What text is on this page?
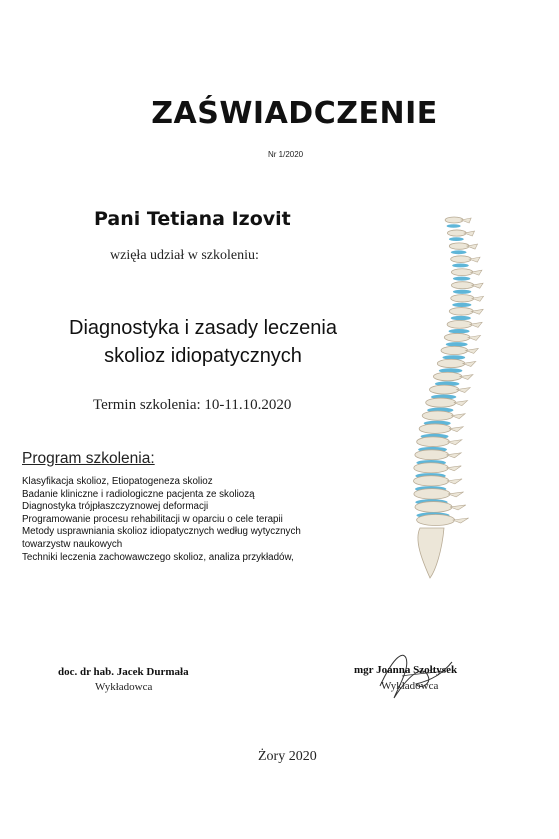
ZAŚWIADCZENIE
Nr 1/2020
Pani Tetiana Izovit
wzięła udział w szkoleniu:
Diagnostyka i zasady leczenia
skolioz idiopatycznych
Termin szkolenia: 10-11.10.2020
Program szkolenia:
Klasyfikacja skolioz, Etiopatogeneza skolioz
Badanie kliniczne i radiologiczne pacjenta ze skoliozą
Diagnostyka trójpłaszczyznowej deformacji
Programowanie procesu rehabilitacji w oparciu o cele terapii
Metody usprawniania skolioz idiopatycznych według wytycznych
towarzystw naukowych
Techniki leczenia zachowawczego skolioz, analiza przykładów,
doc. dr hab. Jacek Durmała
Wykładowca
mgr Joanna Szołtysek
Wykładowca
Żory 2020
